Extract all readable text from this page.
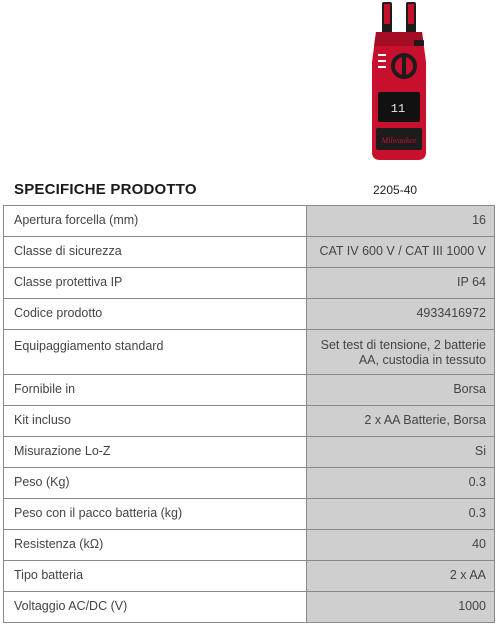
11
Milwaukee
SPECIFICHE PRODOTTO	2205-40
Apertura forcella (mm)	16
Classe di sicurezza	CAT IV 600 V / CAT III 1000 V
Classe protettiva IP	IP 64
Codice prodotto	4933416972
Equipaggiamento standard	Set test di tensione, 2 batterie AA, custodia in tessuto
Fornibile in	Borsa
Kit incluso	2 x AA Batterie, Borsa
Misurazione Lo-Z	Si
Peso (Kg)	0.3
Peso con il pacco batteria (kg)	0.3
Resistenza (kΩ)	40
Tipo batteria	2 x AA
Voltaggio AC/DC (V)	1000
